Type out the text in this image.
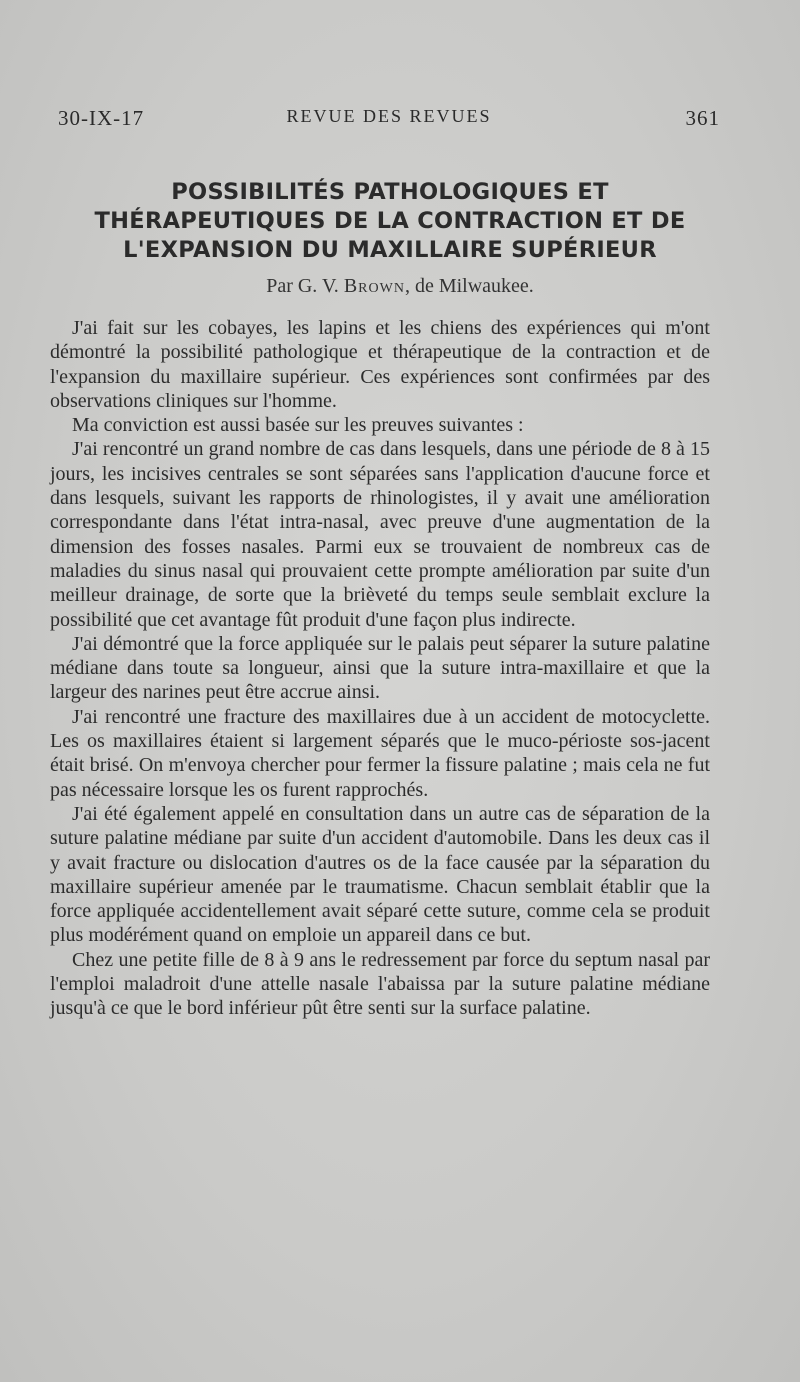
30-IX-17	REVUE DES REVUES	361
POSSIBILITÉS PATHOLOGIQUES ET
THÉRAPEUTIQUES DE LA CONTRACTION ET DE
L'EXPANSION DU MAXILLAIRE SUPÉRIEUR
Par G. V. Brown, de Milwaukee.

J'ai fait sur les cobayes, les lapins et les chiens des expériences qui m'ont démontré la possibilité pathologique et thérapeutique de la contraction et de l'expansion du maxillaire supérieur. Ces expériences sont confirmées par des observations cliniques sur l'homme.

Ma conviction est aussi basée sur les preuves suivantes :

J'ai rencontré un grand nombre de cas dans lesquels, dans une période de 8 à 15 jours, les incisives centrales se sont séparées sans l'application d'aucune force et dans lesquels, suivant les rapports de rhinologistes, il y avait une amélioration correspondante dans l'état intra-nasal, avec preuve d'une augmentation de la dimension des fosses nasales. Parmi eux se trouvaient de nombreux cas de maladies du sinus nasal qui prouvaient cette prompte amélioration par suite d'un meilleur drainage, de sorte que la brièveté du temps seule semblait exclure la possibilité que cet avantage fût produit d'une façon plus indirecte.

J'ai démontré que la force appliquée sur le palais peut séparer la suture palatine médiane dans toute sa longueur, ainsi que la suture intra-maxillaire et que la largeur des narines peut être accrue ainsi.

J'ai rencontré une fracture des maxillaires due à un accident de motocyclette. Les os maxillaires étaient si largement séparés que le muco-périoste sos-jacent était brisé. On m'envoya chercher pour fermer la fissure palatine ; mais cela ne fut pas nécessaire lorsque les os furent rapprochés.

J'ai été également appelé en consultation dans un autre cas de séparation de la suture palatine médiane par suite d'un accident d'automobile. Dans les deux cas il y avait fracture ou dislocation d'autres os de la face causée par la séparation du maxillaire supérieur amenée par le traumatisme. Chacun semblait établir que la force appliquée accidentellement avait séparé cette suture, comme cela se produit plus modérément quand on emploie un appareil dans ce but.

Chez une petite fille de 8 à 9 ans le redressement par force du septum nasal par l'emploi maladroit d'une attelle nasale l'abaissa par la suture palatine médiane jusqu'à ce que le bord inférieur pût être senti sur la surface palatine.
